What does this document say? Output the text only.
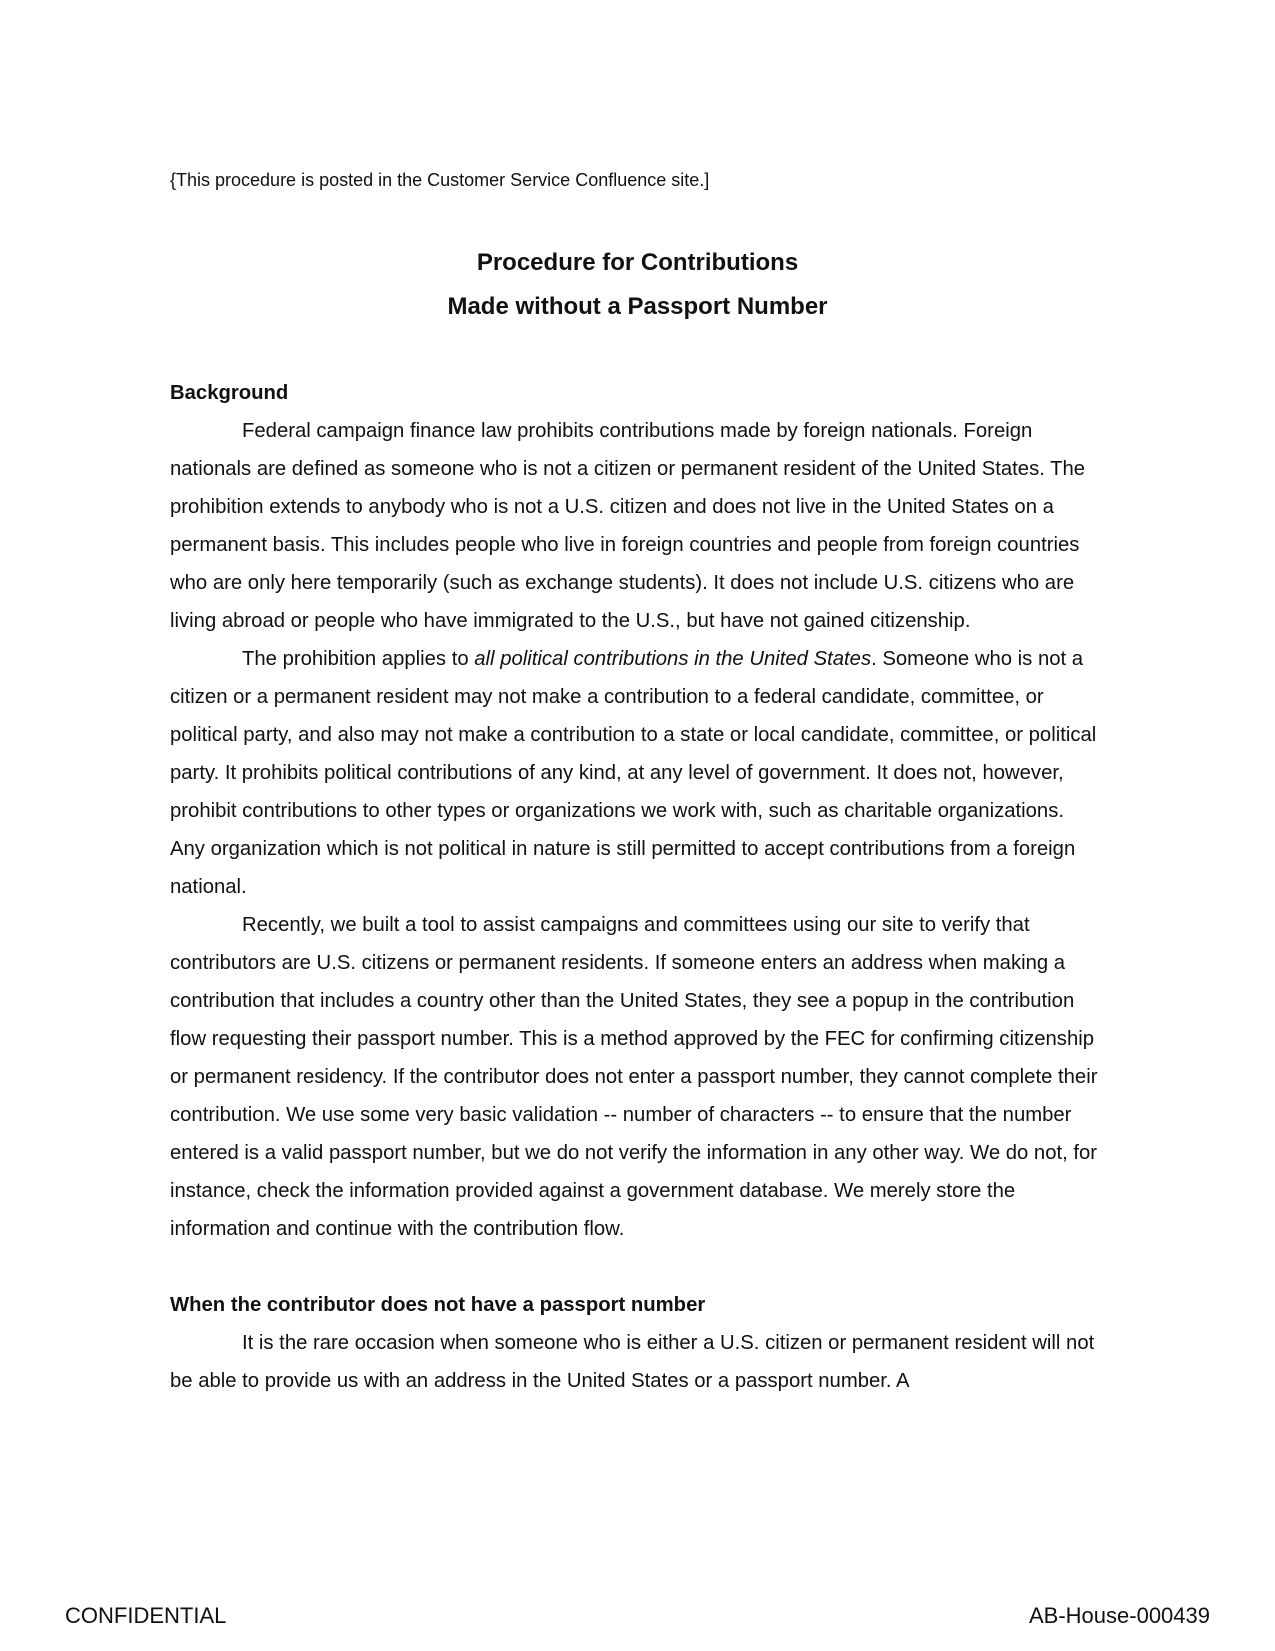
{This procedure is posted in the Customer Service Confluence site.]
Procedure for Contributions
Made without a Passport Number
Background

Federal campaign finance law prohibits contributions made by foreign nationals. Foreign nationals are defined as someone who is not a citizen or permanent resident of the United States. The prohibition extends to anybody who is not a U.S. citizen and does not live in the United States on a permanent basis. This includes people who live in foreign countries and people from foreign countries who are only here temporarily (such as exchange students). It does not include U.S. citizens who are living abroad or people who have immigrated to the U.S., but have not gained citizenship.

The prohibition applies to all political contributions in the United States. Someone who is not a citizen or a permanent resident may not make a contribution to a federal candidate, committee, or political party, and also may not make a contribution to a state or local candidate, committee, or political party. It prohibits political contributions of any kind, at any level of government. It does not, however, prohibit contributions to other types or organizations we work with, such as charitable organizations. Any organization which is not political in nature is still permitted to accept contributions from a foreign national.

Recently, we built a tool to assist campaigns and committees using our site to verify that contributors are U.S. citizens or permanent residents. If someone enters an address when making a contribution that includes a country other than the United States, they see a popup in the contribution flow requesting their passport number. This is a method approved by the FEC for confirming citizenship or permanent residency. If the contributor does not enter a passport number, they cannot complete their contribution. We use some very basic validation -- number of characters -- to ensure that the number entered is a valid passport number, but we do not verify the information in any other way. We do not, for instance, check the information provided against a government database. We merely store the information and continue with the contribution flow.

When the contributor does not have a passport number

It is the rare occasion when someone who is either a U.S. citizen or permanent resident will not be able to provide us with an address in the United States or a passport number. A

CONFIDENTIAL	AB-House-000439
